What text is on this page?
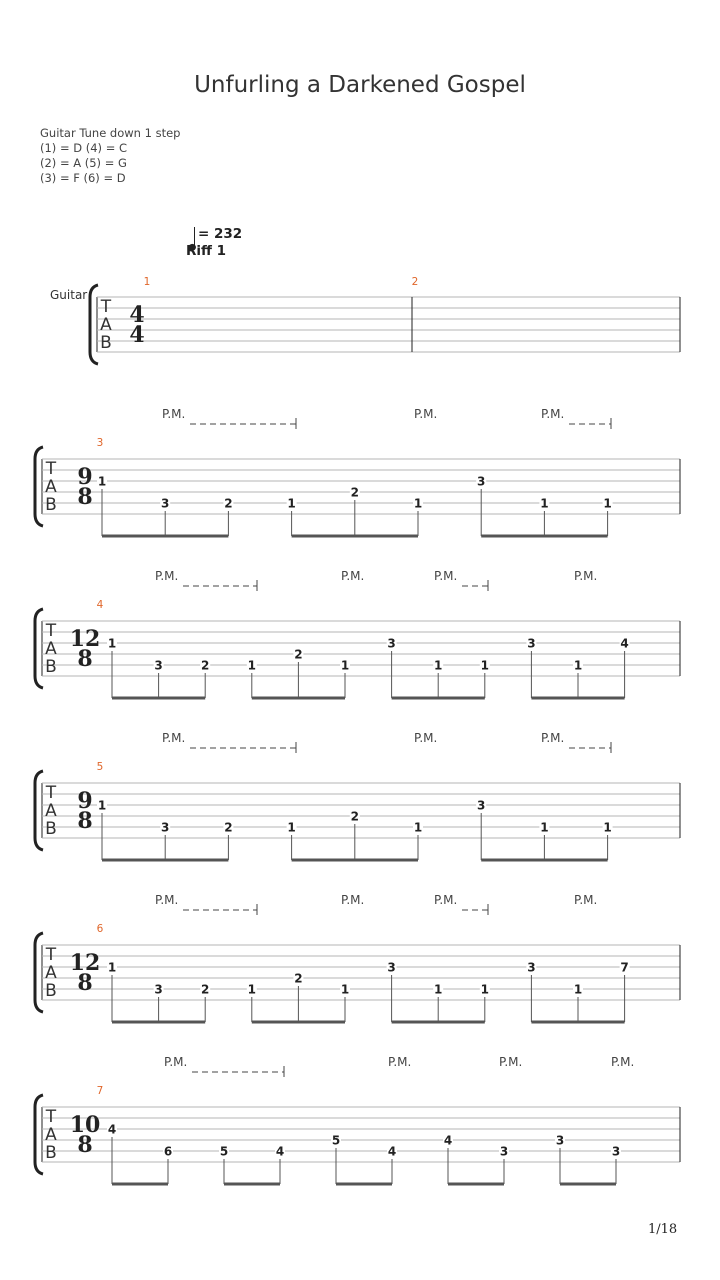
Unfurling a Darkened Gospel
Guitar Tune down 1 step
(1) = D (4) = C
(2) = A (5) = G
(3) = F (6) = D
= 232
Riff 1
Guitar
T
A
B
1
4
4
2
T
A
B
3
9
8
1
3	2	1
2
1
3
1	1
P.M.	P.M.	P.M.
T
A
B
4
12
8
1
3	2	1
2
1
3
1	1
3
1
4
P.M.	P.M.	P.M.	P.M.
T
A
B
5
9
8
1
3	2	1
2
1
3
1	1
P.M.	P.M.	P.M.
T
A
B
6
12
8
1
3	2	1
2
1
3
1	1
3
1
7
P.M.	P.M.	P.M.	P.M.
T
A
B
7
10
8
4
6	5	4
5
4
4
3
3
3
P.M.	P.M.	P.M.	P.M.
1/18
